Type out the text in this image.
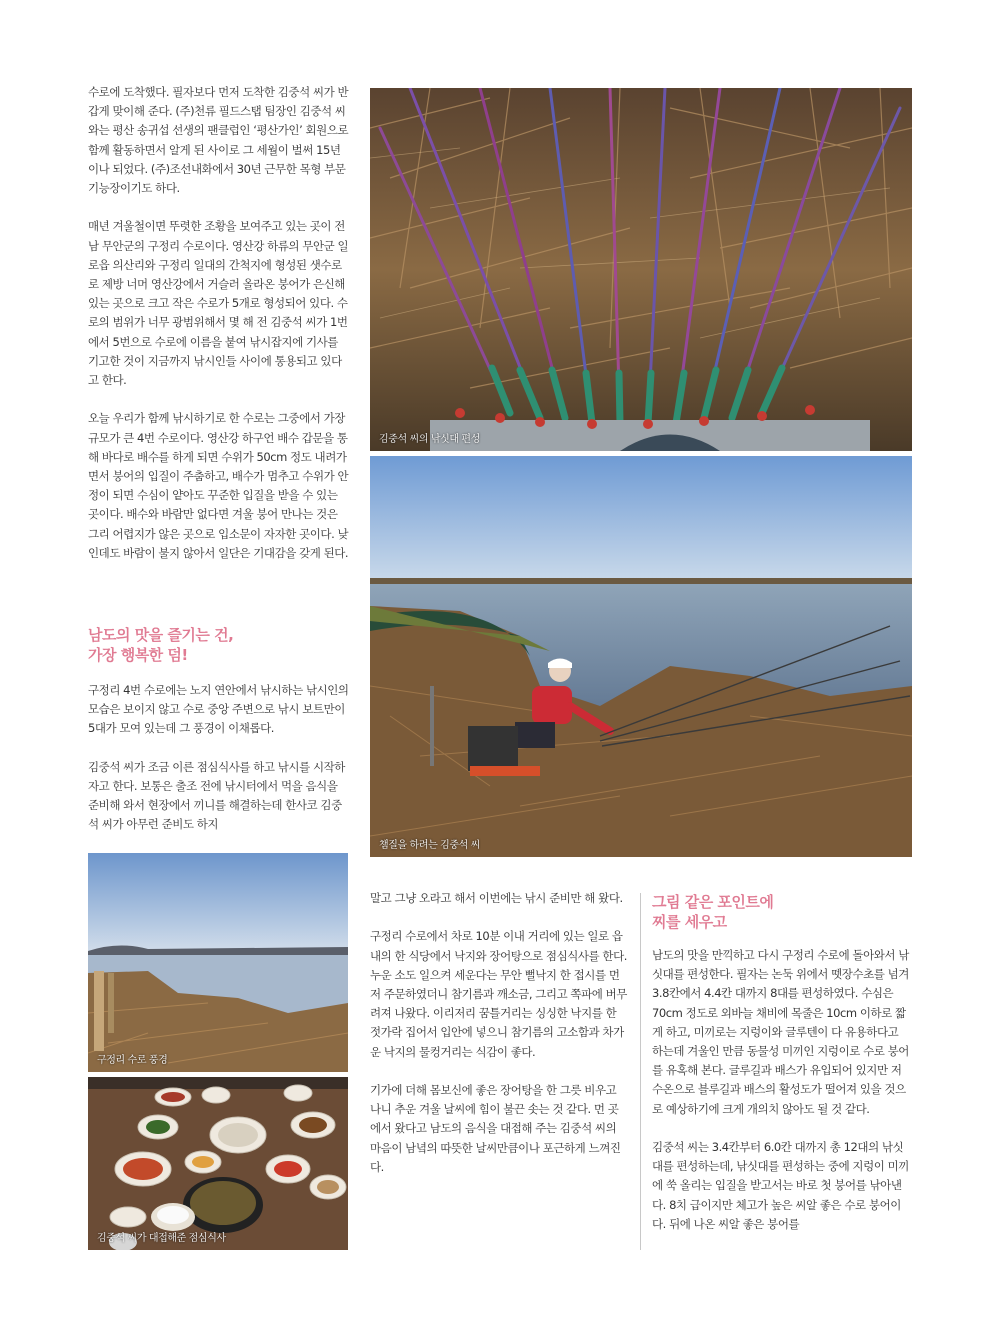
수로에 도착했다. 필자보다 먼저 도착한 김중석 씨가 반갑게 맞이해 준다. (주)천류 필드스탭 팀장인 김중석 씨와는 평산 송귀섭 선생의 팬클럽인 ‘평산가인’ 회원으로 함께 활동하면서 알게 된 사이로 그 세월이 벌써 15년이나 되었다. (주)조선내화에서 30년 근무한 목형 부문 기능장이기도 하다.

매년 겨울철이면 뚜렷한 조황을 보여주고 있는 곳이 전남 무안군의 구정리 수로이다. 영산강 하류의 무안군 일로읍 의산리와 구정리 일대의 간척지에 형성된 샛수로로 제방 너머 영산강에서 거슬러 올라온 붕어가 은신해 있는 곳으로 크고 작은 수로가 5개로 형성되어 있다. 수로의 범위가 너무 광범위해서 몇 해 전 김중석 씨가 1번에서 5번으로 수로에 이름을 붙여 낚시잡지에 기사를 기고한 것이 지금까지 낚시인들 사이에 통용되고 있다고 한다.

오늘 우리가 함께 낚시하기로 한 수로는 그중에서 가장 규모가 큰 4번 수로이다. 영산강 하구언 배수 갑문을 통해 바다로 배수를 하게 되면 수위가 50cm 정도 내려가면서 붕어의 입질이 주춤하고, 배수가 멈추고 수위가 안정이 되면 수심이 얕아도 꾸준한 입질을 받을 수 있는 곳이다. 배수와 바람만 없다면 겨울 붕어 만나는 것은 그리 어렵지가 않은 곳으로 입소문이 자자한 곳이다. 낮인데도 바람이 불지 않아서 일단은 기대감을 갖게 된다.

남도의 맛을 즐기는 건,
가장 행복한 덤!

구정리 4번 수로에는 노지 연안에서 낚시하는 낚시인의 모습은 보이지 않고 수로 중앙 주변으로 낚시 보트만이 5대가 모여 있는데 그 풍경이 이채롭다.

김중석 씨가 조금 이른 점심식사를 하고 낚시를 시작하자고 한다. 보통은 출조 전에 낚시터에서 먹을 음식을 준비해 와서 현장에서 끼니를 해결하는데 한사코 김중석 씨가 아무런 준비도 하지

김중석 씨의 낚싯대 편성
챔질을 하려는 김중석 씨
구정리 수로 풍경
김중석 씨가 대접해준 점심식사

말고 그냥 오라고 해서 이번에는 낚시 준비만 해 왔다.

구정리 수로에서 차로 10분 이내 거리에 있는 일로 읍내의 한 식당에서 낙지와 장어탕으로 점심식사를 한다. 누운 소도 일으켜 세운다는 무안 뻘낙지 한 접시를 먼저 주문하였더니 참기름과 깨소금, 그리고 쪽파에 버무려져 나왔다. 이리저리 꿈틀거리는 싱싱한 낙지를 한 젓가락 집어서 입안에 넣으니 참기름의 고소함과 차가운 낙지의 물컹거리는 식감이 좋다.

기가에 더해 몸보신에 좋은 장어탕을 한 그릇 비우고 나니 추운 겨울 날씨에 힘이 불끈 솟는 것 같다. 먼 곳에서 왔다고 남도의 음식을 대접해 주는 김중석 씨의 마음이 남녘의 따뜻한 날씨만큼이나 포근하게 느껴진다.

그림 같은 포인트에
찌를 세우고

남도의 맛을 만끽하고 다시 구정리 수로에 돌아와서 낚싯대를 편성한다. 필자는 논둑 위에서 뗏장수초를 넘겨 3.8칸에서 4.4칸 대까지 8대를 편성하였다. 수심은 70cm 정도로 외바늘 채비에 목줄은 10cm 이하로 짧게 하고, 미끼로는 지렁이와 글루텐이 다 유용하다고 하는데 겨울인 만큼 동물성 미끼인 지렁이로 수로 붕어를 유혹해 본다. 글루길과 배스가 유입되어 있지만 저수온으로 블루길과 배스의 활성도가 떨어져 있을 것으로 예상하기에 크게 개의치 않아도 될 것 같다.

김중석 씨는 3.4칸부터 6.0칸 대까지 총 12대의 낚싯대를 편성하는데, 낚싯대를 편성하는 중에 지렁이 미끼에 쑥 올리는 입질을 받고서는 바로 첫 붕어를 낚아낸다. 8치 급이지만 체고가 높은 씨알 좋은 수로 붕어이다. 뒤에 나온 씨알 좋은 붕어를
